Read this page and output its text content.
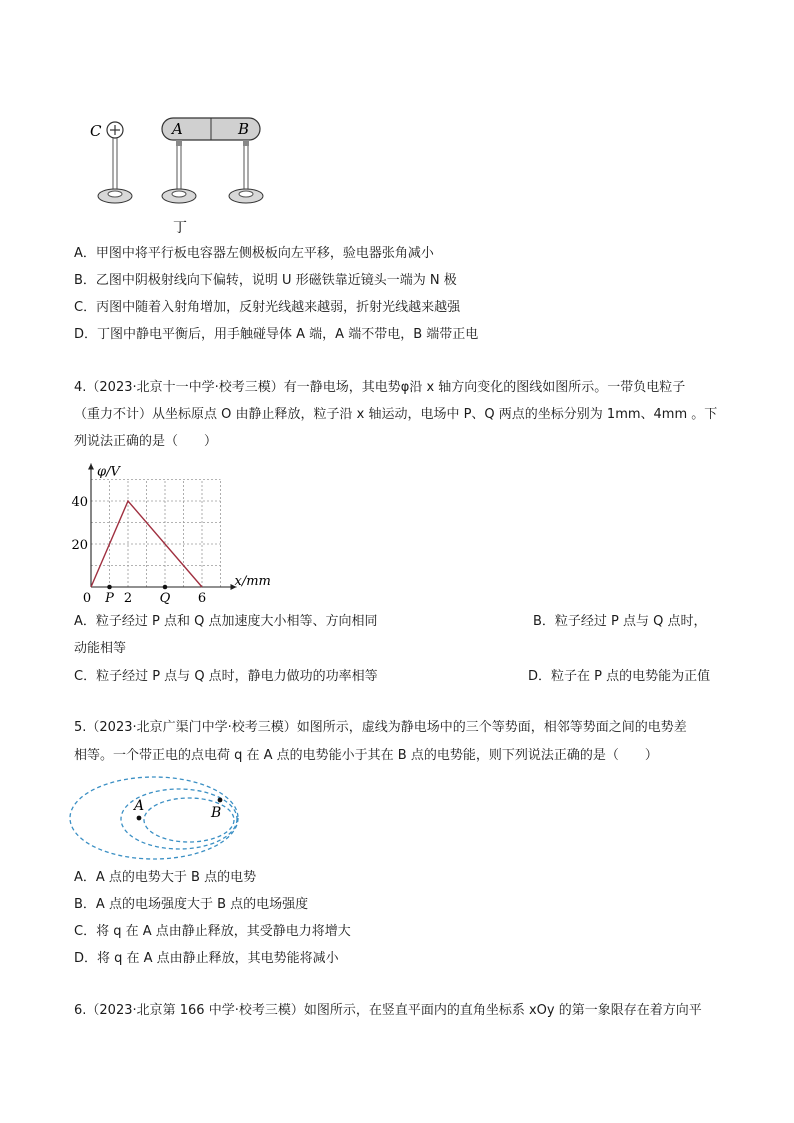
C	A	B
丁
A．甲图中将平行板电容器左侧极板向左平移，验电器张角减小
B．乙图中阴极射线向下偏转，说明 U 形磁铁靠近镜头一端为 N 极
C．丙图中随着入射角增加，反射光线越来越弱，折射光线越来越强
D．丁图中静电平衡后，用手触碰导体 A 端，A 端不带电，B 端带正电
4.（2023·北京十一中学·校考三模）有一静电场，其电势φ沿 x 轴方向变化的图线如图所示。一带负电粒子
（重力不计）从坐标原点 O 由静止释放，粒子沿 x 轴运动，电场中 P、Q 两点的坐标分别为 1mm、4mm 。下
列说法正确的是（　　）
0	2	6
20
40
P	Q
x/mm
φ/V
A．粒子经过 P 点和 Q 点加速度大小相等、方向相同	B．粒子经过 P 点与 Q 点时，
动能相等
C．粒子经过 P 点与 Q 点时，静电力做功的功率相等	D．粒子在 P 点的电势能为正值
5.（2023·北京广渠门中学·校考三模）如图所示，虚线为静电场中的三个等势面，相邻等势面之间的电势差
相等。一个带正电的点电荷 q 在 A 点的电势能小于其在 B 点的电势能，则下列说法正确的是（　　）
A	B
A．A 点的电势大于 B 点的电势
B．A 点的电场强度大于 B 点的电场强度
C．将 q 在 A 点由静止释放，其受静电力将增大
D．将 q 在 A 点由静止释放，其电势能将减小
6.（2023·北京第 166 中学·校考三模）如图所示，在竖直平面内的直角坐标系 xOy 的第一象限存在着方向平
